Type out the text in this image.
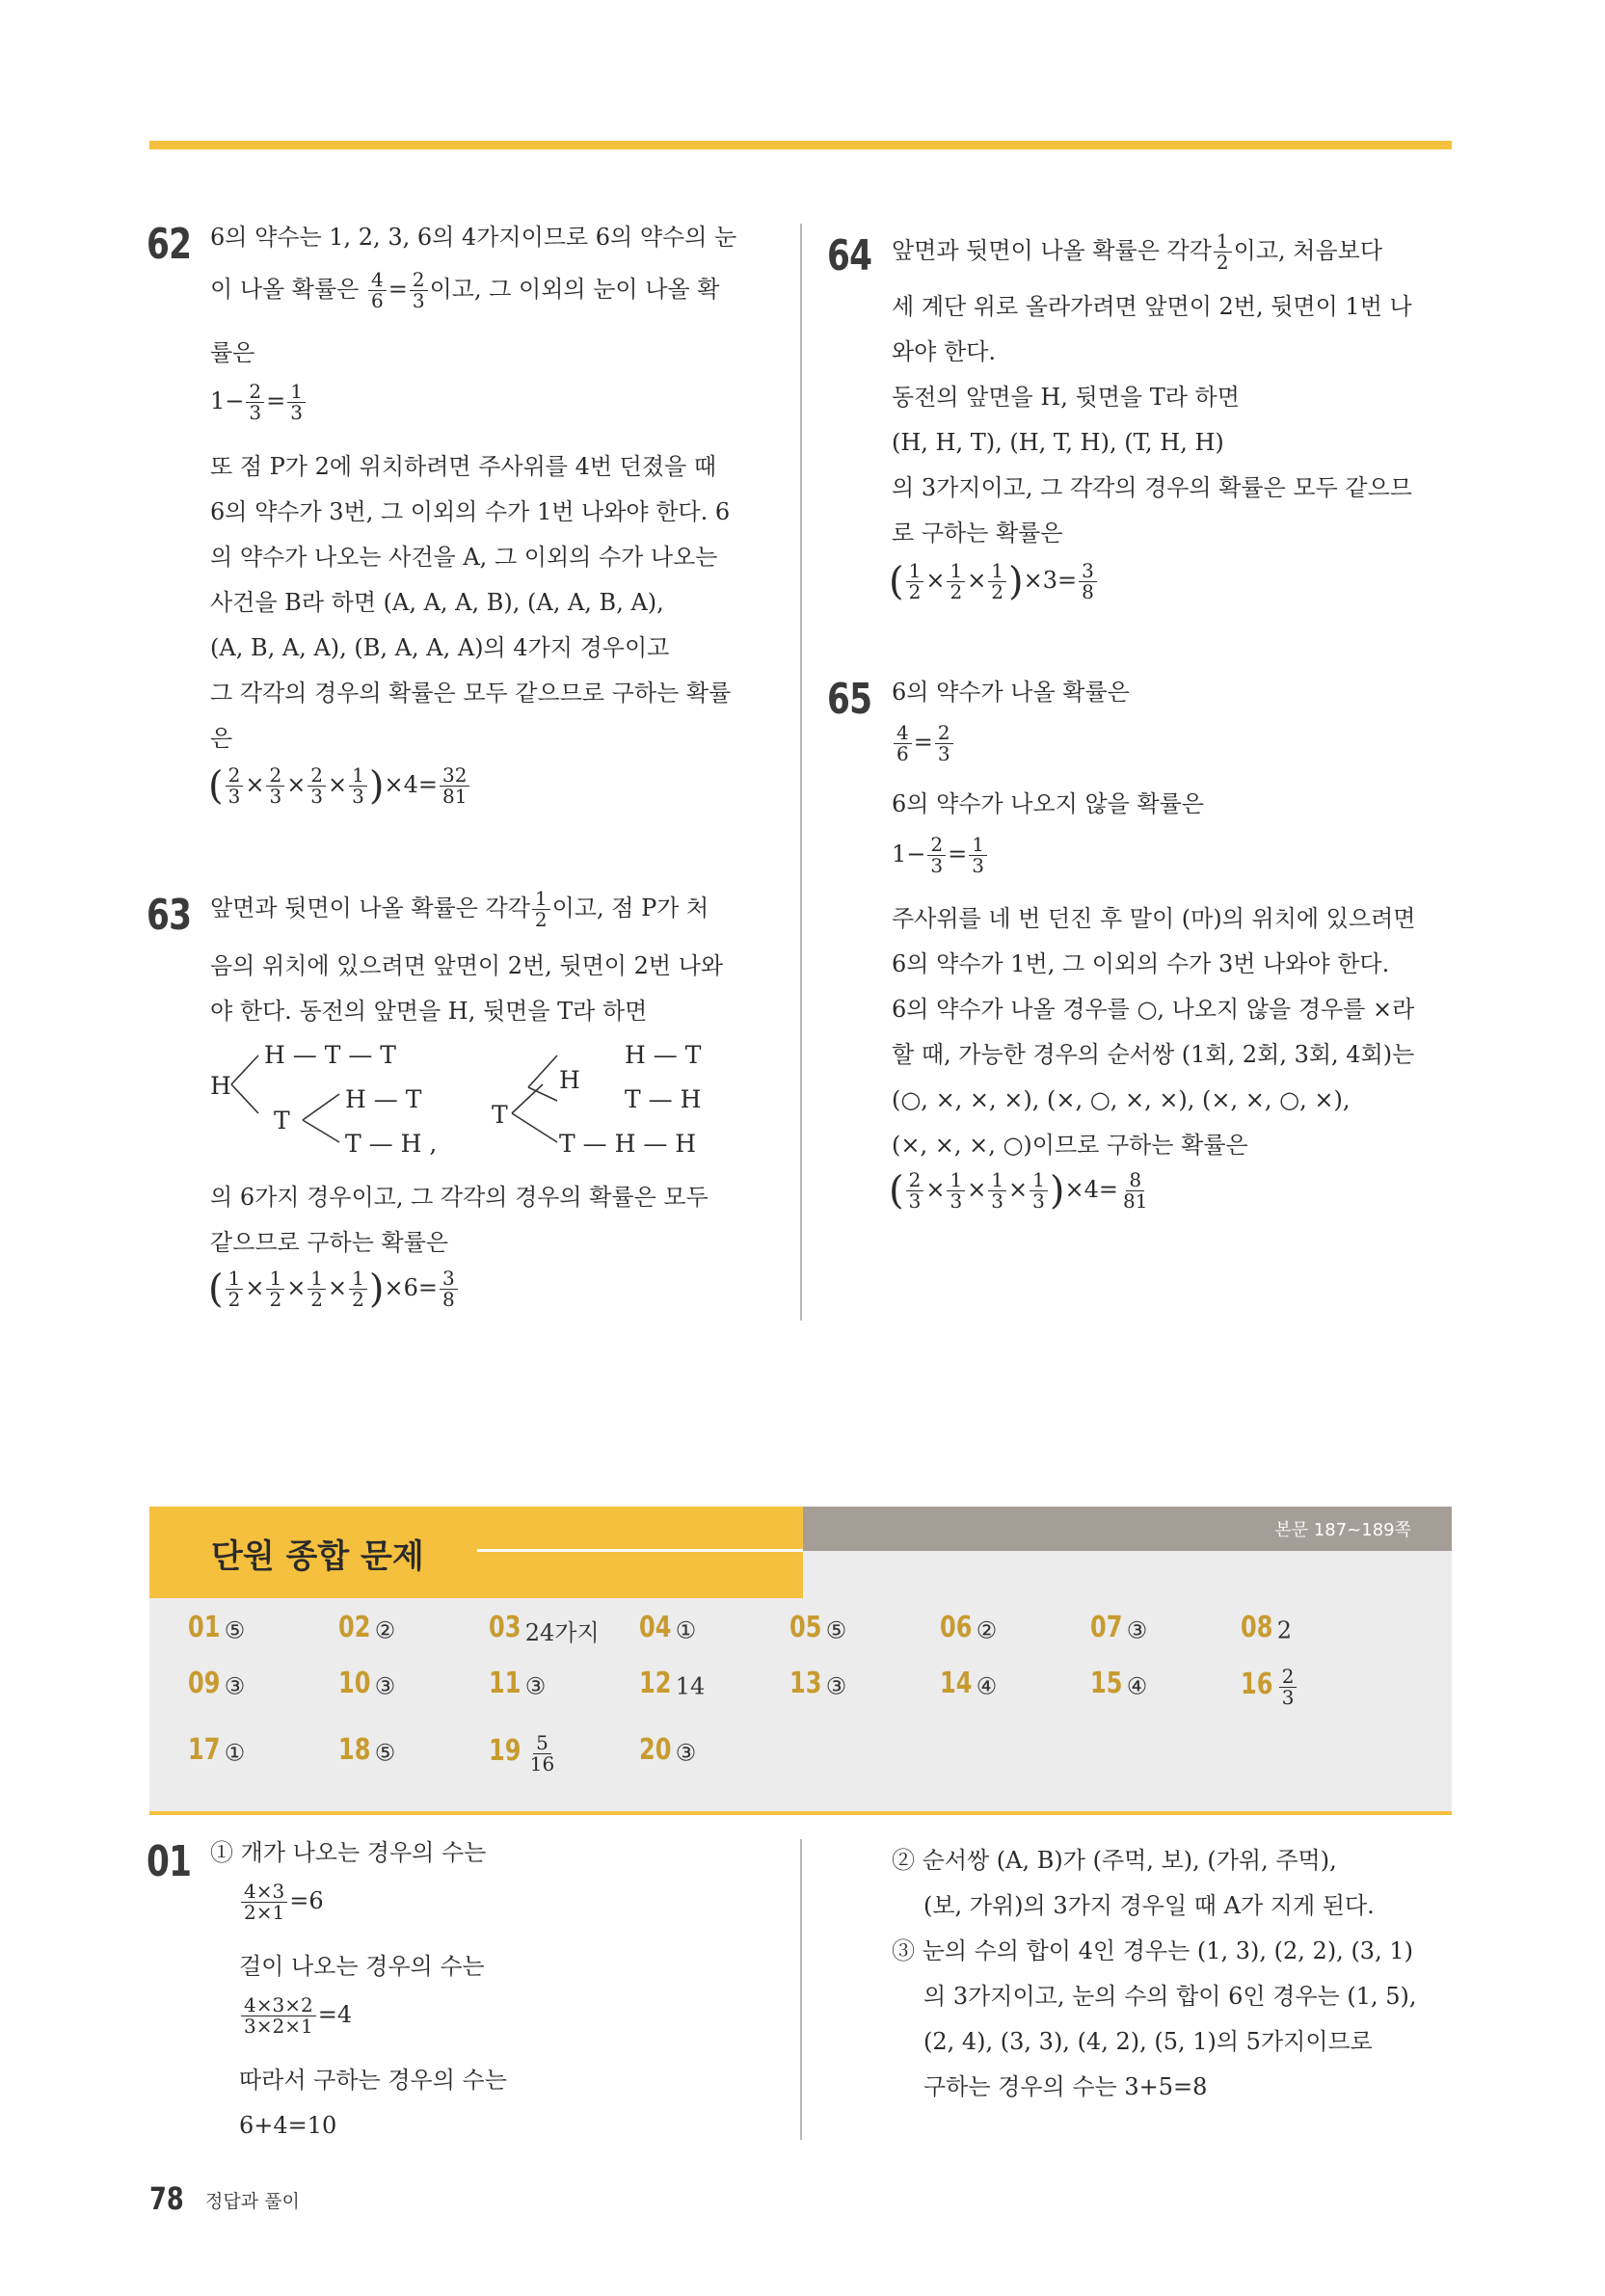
62 6의 약수는 1, 2, 3, 6의 4가지이므로 6의 약수의 눈
이 나올 확률은 $\frac{4}{6} = \frac{2}{3}$ 이고, 그 이외의 눈이 나올 확
률은
$1- \frac{2}{3} = \frac{1}{3}$
또 점 P가 2에 위치하려면 주사위를 4번 던졌을 때
6의 약수가 3번, 그 이외의 수가 1번 나와야 한다. 6
의 약수가 나오는 사건을 A, 그 이외의 수가 나오는
사건을 B라 하면 (A, A, A, B), (A, A, B, A),
(A, B, A, A), (B, A, A, A)의 4가지 경우이고
그 각각의 경우의 확률은 모두 같으므로 구하는 확률
은
( $\frac{2}{3} \times \frac{2}{3} \times \frac{2}{3} \times \frac{1}{3} )\times 4= \frac{32}{81}$
63 앞면과 뒷면이 나올 확률은 각각 $\frac{1}{2}$ 이고, 점 P가 처
음의 위치에 있으려면 앞면이 2번, 뒷면이 2번 나와
야 한다. 동전의 앞면을 H, 뒷면을 T라 하면
H
H — T — T
T
H — T
T — H ,
T
H
H — T
T — H
T — H — H
의 6가지 경우이고, 그 각각의 경우의 확률은 모두
같으므로 구하는 확률은
( $\frac{1}{2} \times \frac{1}{2} \times \frac{1}{2} \times \frac{1}{2} )\times 6= \frac{3}{8}$
64 앞면과 뒷면이 나올 확률은 각각 $\frac{1}{2}$ 이고, 처음보다
세 계단 위로 올라가려면 앞면이 2번, 뒷면이 1번 나
와야 한다.
동전의 앞면을 H, 뒷면을 T라 하면
(H, H, T), (H, T, H), (T, H, H)
의 3가지이고, 그 각각의 경우의 확률은 모두 같으므
로 구하는 확률은
( $\frac{1}{2} \times \frac{1}{2} \times \frac{1}{2} )\times 3= \frac{3}{8}$
65 6의 약수가 나올 확률은
$\frac{4}{6} = \frac{2}{3}$
6의 약수가 나오지 않을 확률은
$1- \frac{2}{3} = \frac{1}{3}$
주사위를 네 번 던진 후 말이 (마)의 위치에 있으려면
6의 약수가 1번, 그 이외의 수가 3번 나와야 한다.
6의 약수가 나올 경우를 ○, 나오지 않을 경우를 ×라
할 때, 가능한 경우의 순서쌍 (1회, 2회, 3회, 4회)는
(○, ×, ×, ×), (×, ○, ×, ×), (×, ×, ○, ×),
(×, ×, ×, ○)이므로 구하는 확률은
( $\frac{2}{3} \times \frac{1}{3} \times \frac{1}{3} \times \frac{1}{3} )\times 4= \frac{8}{81}$
본문 187~189쪽
단원 종합 문제
01 ⑤	02 ②	03 24가지 04 ①	05 ⑤	06 ②	07 ③	08 2
09 ③	10 ③	11 ③	12 14	13 ③	14 ④	15 ④	$16 \frac{2}{3}$
17 ①	18 ⑤	$19 \frac{5}{16}$	20 ③
01 ① 개가 나오는 경우의 수는
$\frac{4\times 3}{2\times 1} =6$
걸이 나오는 경우의 수는
$\frac{4\times 3\times 2}{3\times 2\times 1} =4$
따라서 구하는 경우의 수는
6+4=10
② 순서쌍 (A, B)가 (주먹, 보), (가위, 주먹),
(보, 가위)의 3가지 경우일 때 A가 지게 된다.
③ 눈의 수의 합이 4인 경우는 (1, 3), (2, 2), (3, 1)
의 3가지이고, 눈의 수의 합이 6인 경우는 (1, 5),
(2, 4), (3, 3), (4, 2), (5, 1)의 5가지이므로
구하는 경우의 수는 3+5=8
78 정답과 풀이
